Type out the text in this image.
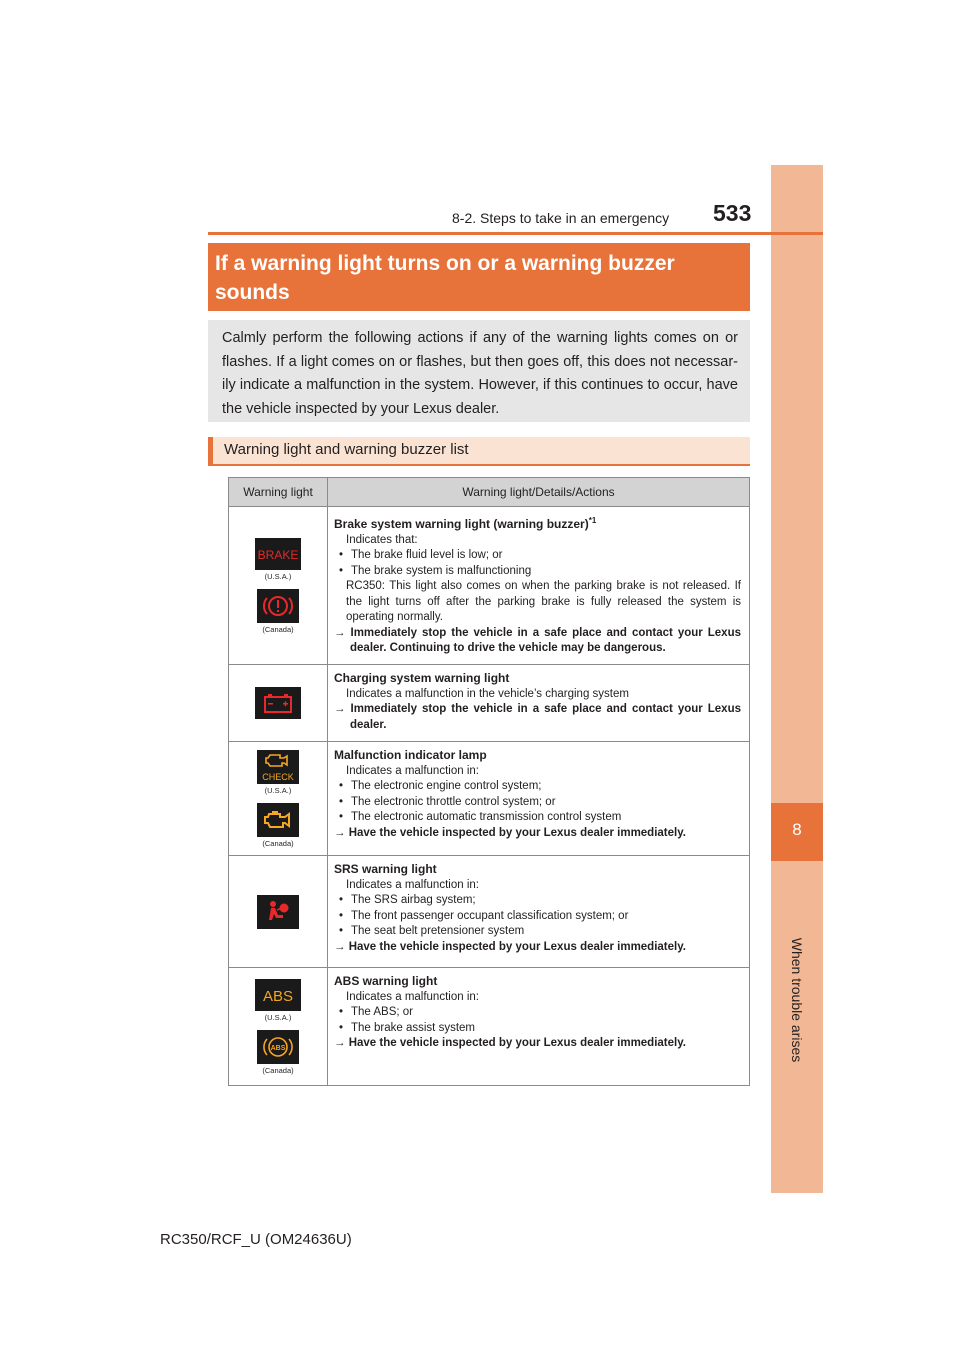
8
When trouble arises
8-2. Steps to take in an emergency 533
If a warning light turns on or a warning buzzer sounds
Calmly perform the following actions if any of the warning lights comes on or flashes. If a light comes on or flashes, but then goes off, this does not necessar-ily indicate a malfunction in the system. However, if this continues to occur, have the vehicle inspected by your Lexus dealer.
Warning light and warning buzzer list
Warning light	Warning light/Details/Actions
BRAKE
(U.S.A.)
(Canada)
Brake system warning light (warning buzzer)$^{*1}$
Indicates that:
• The brake fluid level is low; or
• The brake system is malfunctioning
RC350: This light also comes on when the parking brake is not released. If the light turns off after the parking brake is fully released the system is operating normally.
→ Immediately stop the vehicle in a safe place and contact your Lexus dealer. Continuing to drive the vehicle may be dangerous.
Charging system warning light
Indicates a malfunction in the vehicle’s charging system
→ Immediately stop the vehicle in a safe place and contact your Lexus dealer.
CHECK
(U.S.A.)
(Canada)
Malfunction indicator lamp
Indicates a malfunction in:
• The electronic engine control system;
• The electronic throttle control system; or
• The electronic automatic transmission control system
→ Have the vehicle inspected by your Lexus dealer immediately.
SRS warning light
Indicates a malfunction in:
• The SRS airbag system;
• The front passenger occupant classification system; or
• The seat belt pretensioner system
→ Have the vehicle inspected by your Lexus dealer immediately.
ABS
(U.S.A.)
ABS
(Canada)
ABS warning light
Indicates a malfunction in:
• The ABS; or
• The brake assist system
→ Have the vehicle inspected by your Lexus dealer immediately.
RC350/RCF_U (OM24636U)
